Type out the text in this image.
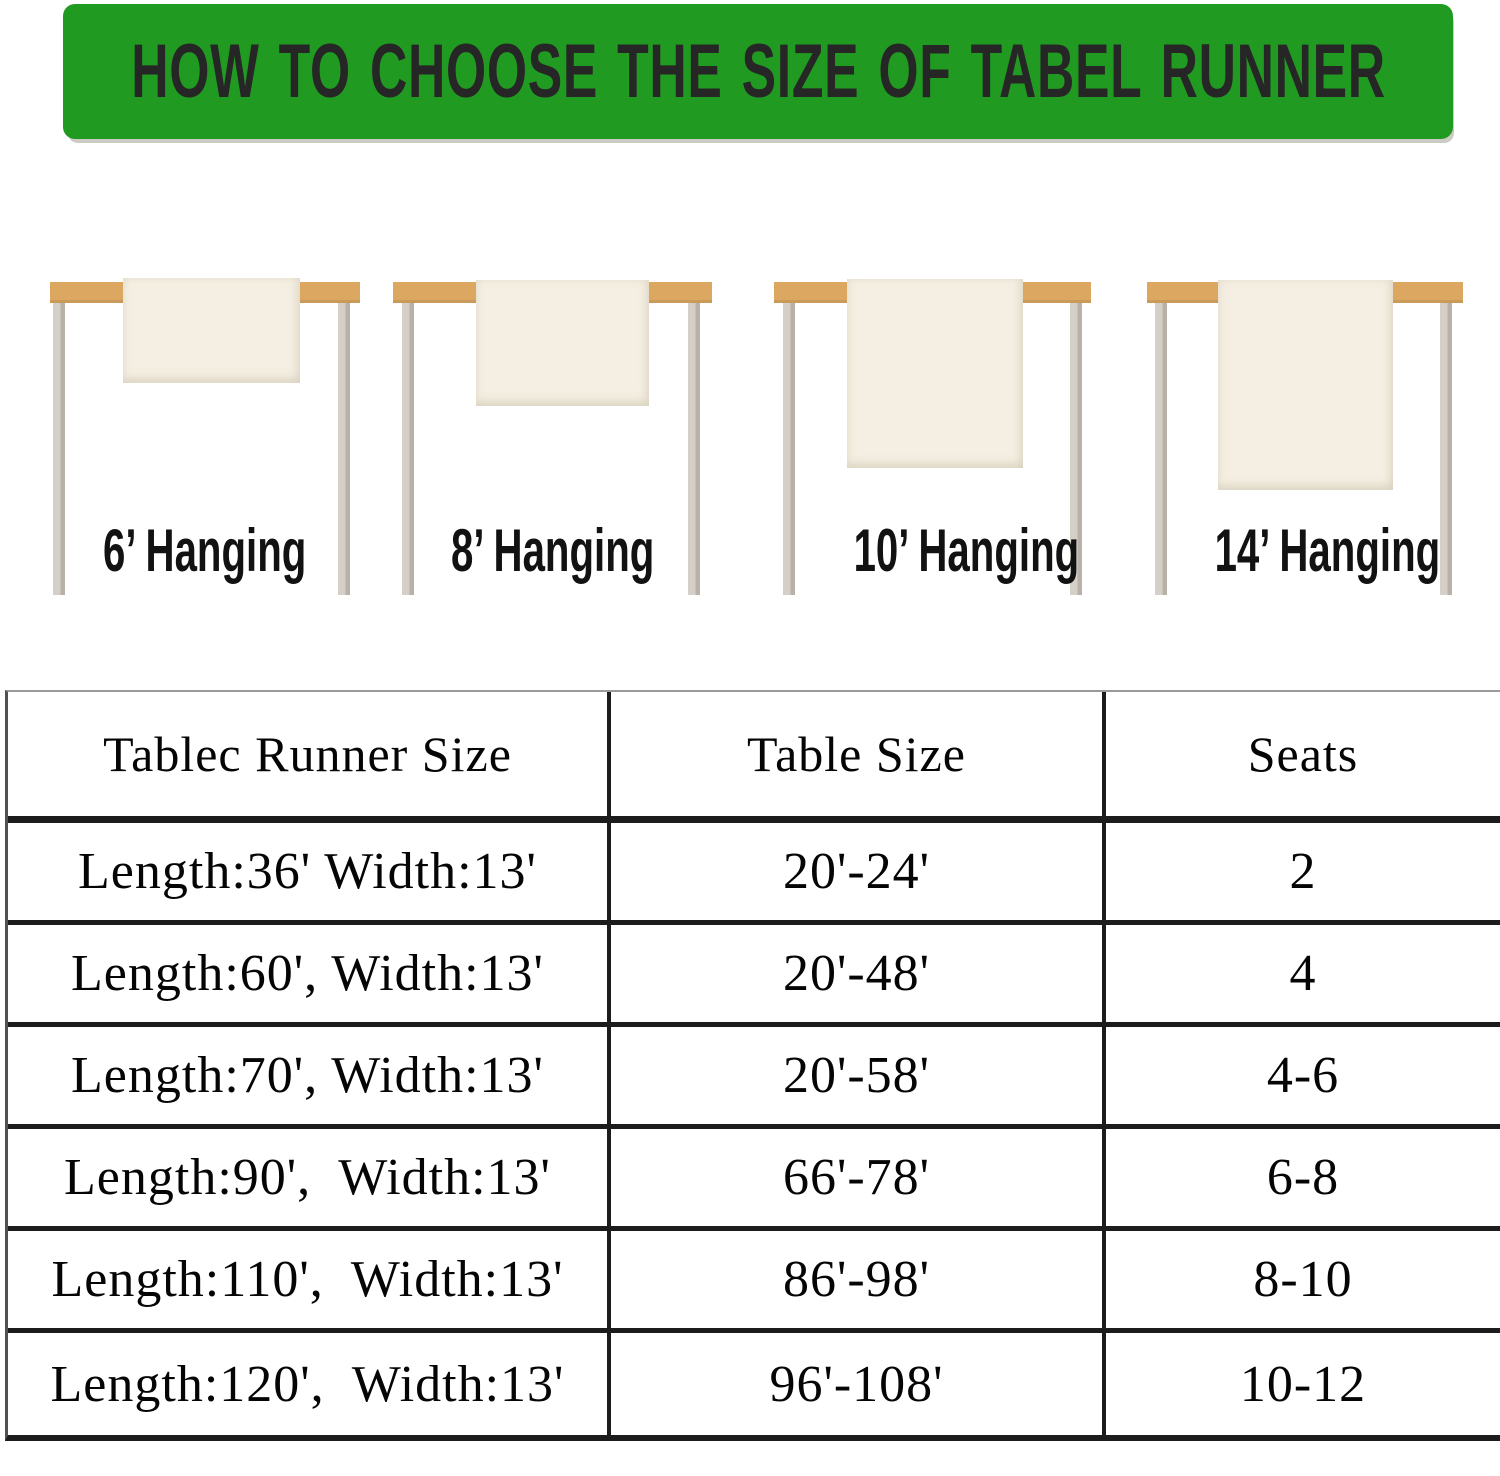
HOW TO CHOOSE THE SIZE OF TABEL RUNNER
6’ Hanging	8’ Hanging	10’ Hanging	14’ Hanging
Tablec Runner Size	Table Size	Seats
Length:36' Width:13'	20'-24'	2
Length:60', Width:13'	20'-48'	4
Length:70', Width:13'	20'-58'	4-6
Length:90',  Width:13'	66'-78'	6-8
Length:110',  Width:13'	86'-98'	8-10
Length:120',  Width:13'	96'-108'	10-12
